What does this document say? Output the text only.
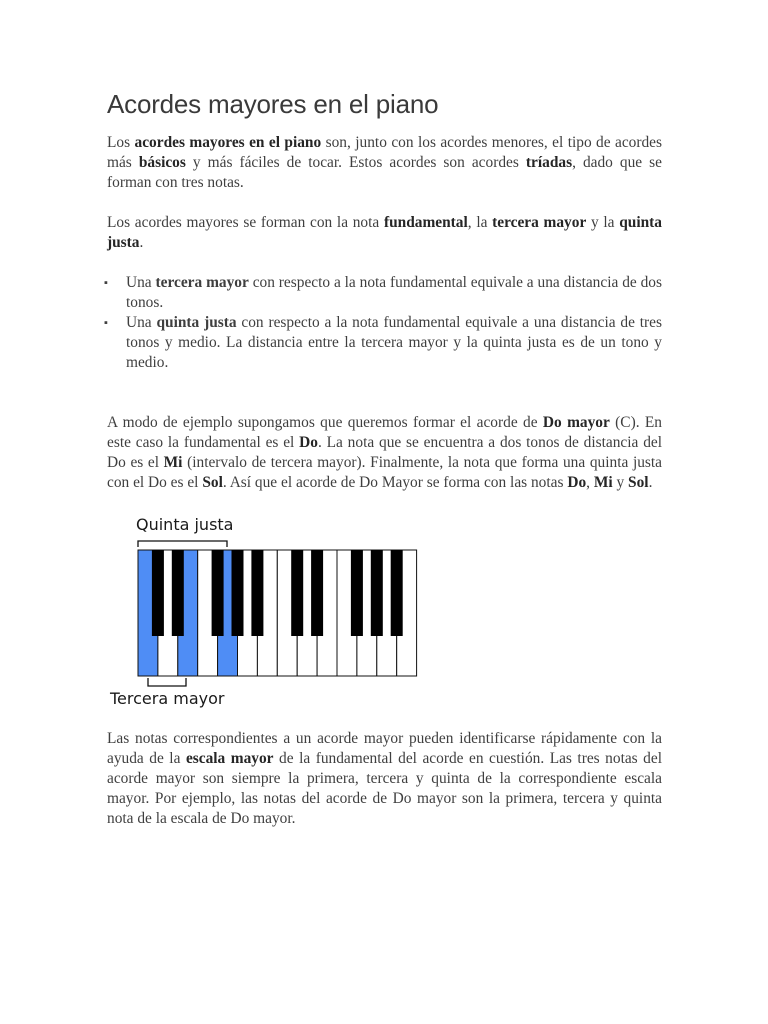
Acordes mayores en el piano

Los acordes mayores en el piano son, junto con los acordes menores, el tipo de acordes más básicos y más fáciles de tocar. Estos acordes son acordes tríadas, dado que se forman con tres notas.

Los acordes mayores se forman con la nota fundamental, la tercera mayor y la quinta justa.

▪ Una tercera mayor con respecto a la nota fundamental equivale a una distancia de dos tonos.
▪ Una quinta justa con respecto a la nota fundamental equivale a una distancia de tres tonos y medio. La distancia entre la tercera mayor y la quinta justa es de un tono y medio.

A modo de ejemplo supongamos que queremos formar el acorde de Do mayor (C). En este caso la fundamental es el Do. La nota que se encuentra a dos tonos de distancia del Do es el Mi (intervalo de tercera mayor). Finalmente, la nota que forma una quinta justa con el Do es el Sol. Así que el acorde de Do Mayor se forma con las notas Do, Mi y Sol.

Quinta justa
Tercera mayor

Las notas correspondientes a un acorde mayor pueden identificarse rápidamente con la ayuda de la escala mayor de la fundamental del acorde en cuestión. Las tres notas del acorde mayor son siempre la primera, tercera y quinta de la correspondiente escala mayor. Por ejemplo, las notas del acorde de Do mayor son la primera, tercera y quinta nota de la escala de Do mayor.
